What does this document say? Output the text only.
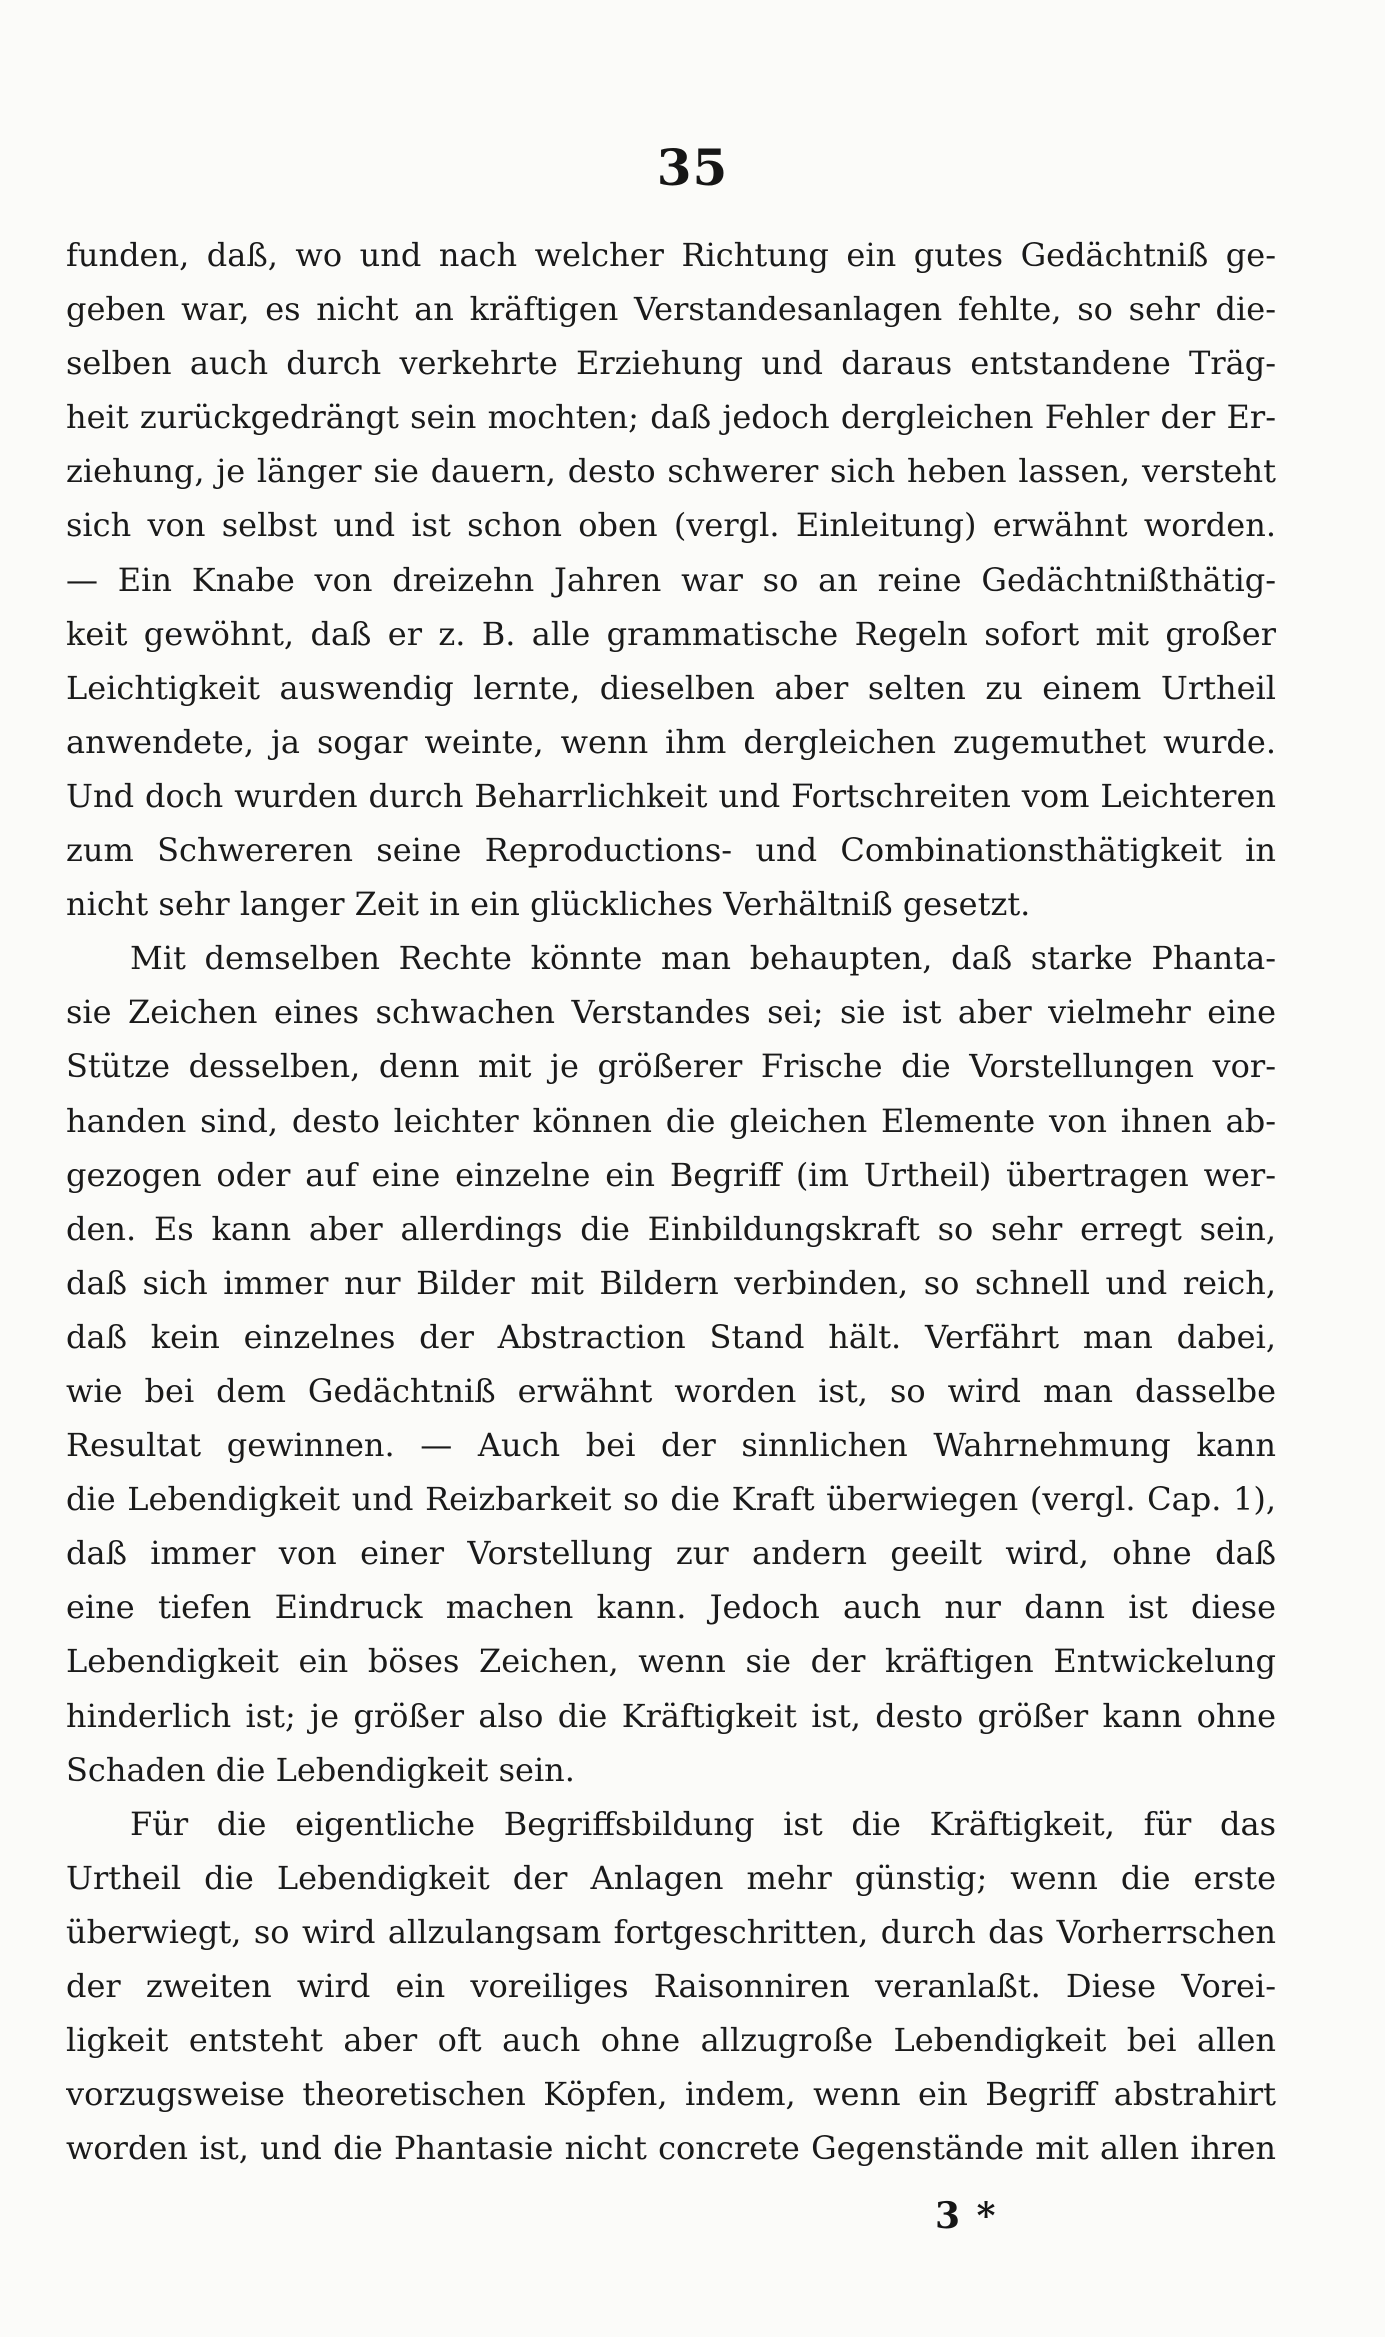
35
funden, daß, wo und nach welcher Richtung ein gutes Gedächtniß ge-
geben war, es nicht an kräftigen Verstandesanlagen fehlte, so sehr die-
selben auch durch verkehrte Erziehung und daraus entstandene Träg-
heit zurückgedrängt sein mochten; daß jedoch dergleichen Fehler der Er-
ziehung, je länger sie dauern, desto schwerer sich heben lassen, versteht
sich von selbst und ist schon oben (vergl. Einleitung) erwähnt worden.
— Ein Knabe von dreizehn Jahren war so an reine Gedächtnißthätig-
keit gewöhnt, daß er z. B. alle grammatische Regeln sofort mit großer
Leichtigkeit auswendig lernte, dieselben aber selten zu einem Urtheil
anwendete, ja sogar weinte, wenn ihm dergleichen zugemuthet wurde.
Und doch wurden durch Beharrlichkeit und Fortschreiten vom Leichteren
zum Schwereren seine Reproductions- und Combinationsthätigkeit in
nicht sehr langer Zeit in ein glückliches Verhältniß gesetzt.
Mit demselben Rechte könnte man behaupten, daß starke Phanta-
sie Zeichen eines schwachen Verstandes sei; sie ist aber vielmehr eine
Stütze desselben, denn mit je größerer Frische die Vorstellungen vor-
handen sind, desto leichter können die gleichen Elemente von ihnen ab-
gezogen oder auf eine einzelne ein Begriff (im Urtheil) übertragen wer-
den. Es kann aber allerdings die Einbildungskraft so sehr erregt sein,
daß sich immer nur Bilder mit Bildern verbinden, so schnell und reich,
daß kein einzelnes der Abstraction Stand hält. Verfährt man dabei,
wie bei dem Gedächtniß erwähnt worden ist, so wird man dasselbe
Resultat gewinnen. — Auch bei der sinnlichen Wahrnehmung kann
die Lebendigkeit und Reizbarkeit so die Kraft überwiegen (vergl. Cap. 1),
daß immer von einer Vorstellung zur andern geeilt wird, ohne daß
eine tiefen Eindruck machen kann. Jedoch auch nur dann ist diese
Lebendigkeit ein böses Zeichen, wenn sie der kräftigen Entwickelung
hinderlich ist; je größer also die Kräftigkeit ist, desto größer kann ohne
Schaden die Lebendigkeit sein.
Für die eigentliche Begriffsbildung ist die Kräftigkeit, für das
Urtheil die Lebendigkeit der Anlagen mehr günstig; wenn die erste
überwiegt, so wird allzulangsam fortgeschritten, durch das Vorherrschen
der zweiten wird ein voreiliges Raisonniren veranlaßt. Diese Vorei-
ligkeit entsteht aber oft auch ohne allzugroße Lebendigkeit bei allen
vorzugsweise theoretischen Köpfen, indem, wenn ein Begriff abstrahirt
worden ist, und die Phantasie nicht concrete Gegenstände mit allen ihren
3 *
